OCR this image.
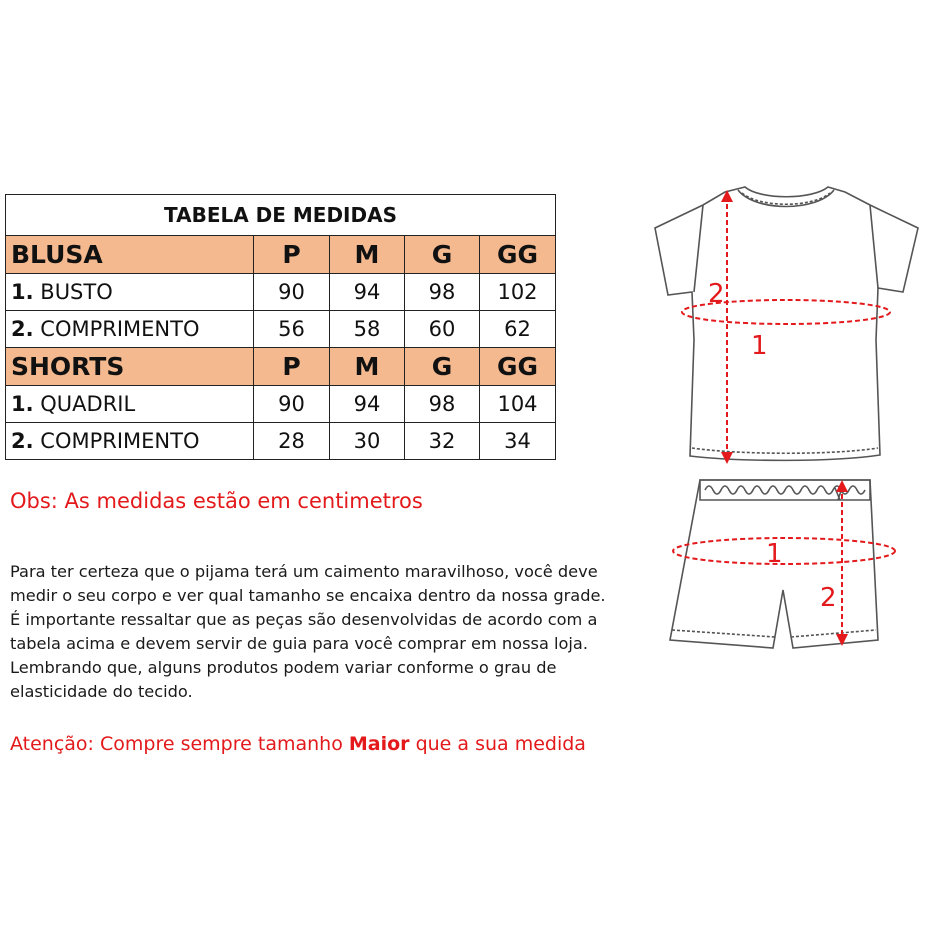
TABELA DE MEDIDAS				
BLUSA	P	M	G	GG
1. BUSTO	90	94	98	102
2. COMPRIMENTO	56	58	60	62
SHORTS	P	M	G	GG
1. QUADRIL	90	94	98	104
2. COMPRIMENTO	28	30	32	34
Obs: As medidas estão em centimetros
Para ter certeza que o pijama terá um caimento maravilhoso, você deve
medir o seu corpo e ver qual tamanho se encaixa dentro da nossa grade.
É importante ressaltar que as peças são desenvolvidas de acordo com a
tabela acima e devem servir de guia para você comprar em nossa loja.
Lembrando que, alguns produtos podem variar conforme o grau de
elasticidade do tecido.
Atenção: Compre sempre tamanho Maior que a sua medida
2
1
1
2
